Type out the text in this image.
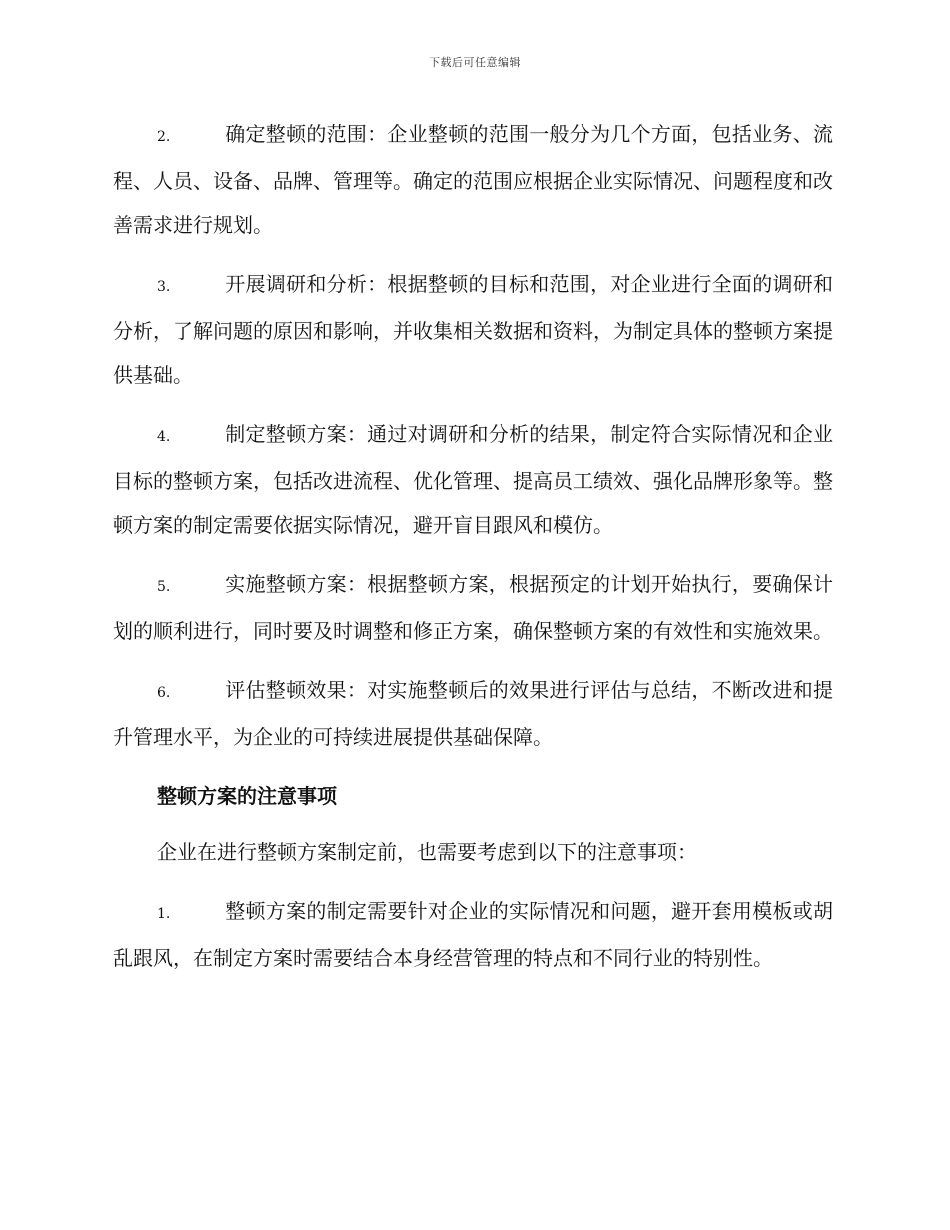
下载后可任意编辑

2.	确定整顿的范围：企业整顿的范围一般分为几个方面，包括业务、流程、人员、设备、品牌、管理等。确定的范围应根据企业实际情况、问题程度和改善需求进行规划。

3.	开展调研和分析：根据整顿的目标和范围，对企业进行全面的调研和分析，了解问题的原因和影响，并收集相关数据和资料，为制定具体的整顿方案提供基础。

4.	制定整顿方案：通过对调研和分析的结果，制定符合实际情况和企业目标的整顿方案，包括改进流程、优化管理、提高员工绩效、强化品牌形象等。整顿方案的制定需要依据实际情况，避开盲目跟风和模仿。

5.	实施整顿方案：根据整顿方案，根据预定的计划开始执行，要确保计划的顺利进行，同时要及时调整和修正方案，确保整顿方案的有效性和实施效果。

6.	评估整顿效果：对实施整顿后的效果进行评估与总结，不断改进和提升管理水平，为企业的可持续进展提供基础保障。

整顿方案的注意事项

企业在进行整顿方案制定前，也需要考虑到以下的注意事项：

1.	整顿方案的制定需要针对企业的实际情况和问题，避开套用模板或胡乱跟风，在制定方案时需要结合本身经营管理的特点和不同行业的特别性。
